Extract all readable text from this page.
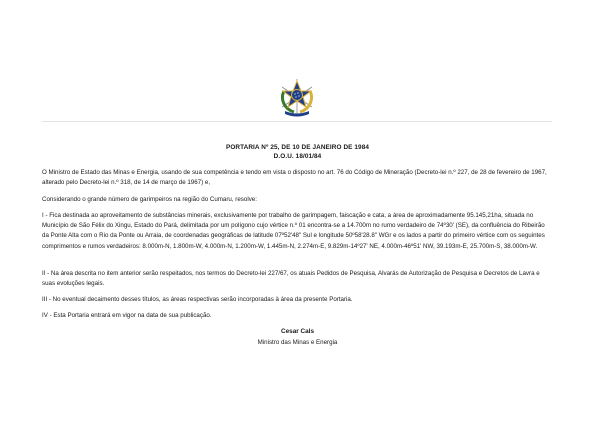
PORTARIA Nº 25, DE 10 DE JANEIRO DE 1984
D.O.U. 18/01/84
O Ministro de Estado das Minas e Energia, usando de sua competência e tendo em vista o disposto no art. 76 do Código de Mineração (Decreto-lei n.º 227, de 28 de fevereiro de 1967, alterado pelo Decreto-lei n.º 318, de 14 de março de 1967) e,
Considerando o grande número de garimpeiros na região do Cumaru, resolve:
I - Fica destinada ao aproveitamento de substâncias minerais, exclusivamente por trabalho de garimpagem, faiscação e cata, a área de aproximadamente 95.145,21ha, situada no Município de São Félix do Xingu, Estado do Pará, delimitada por um polígono cujo vértice n.º 01 encontra-se a 14.700m no rumo verdadeiro de 74º30' (SE), da confluência do Ribeirão da Ponte Alta com o Rio da Ponte ou Arraia, de coordenadas geográficas de latitude 07º52'48" Sul e longitude 50º58'28.8" WGr e os lados a partir do primeiro vértice com os seguintes comprimentos e rumos verdadeiros: 8.000m-N, 1.800m-W, 4.000m-N, 1.200m-W, 1.445m-N, 2.274m-E, 9.829m-14º27' NE, 4.000m-46º51' NW, 39.193m-E, 25.700m-S, 38.000m-W.
II - Na área descrita no item anterior serão respeitados, nos termos do Decreto-lei 227/67, os atuais Pedidos de Pesquisa, Alvarás de Autorização de Pesquisa e Decretos de Lavra e suas evoluções legais.
III - No eventual decaimento desses títulos, as áreas respectivas serão incorporadas à área da presente Portaria.
IV - Esta Portaria entrará em vigor na data de sua publicação.
Cesar Cals
Ministro das Minas e Energia
